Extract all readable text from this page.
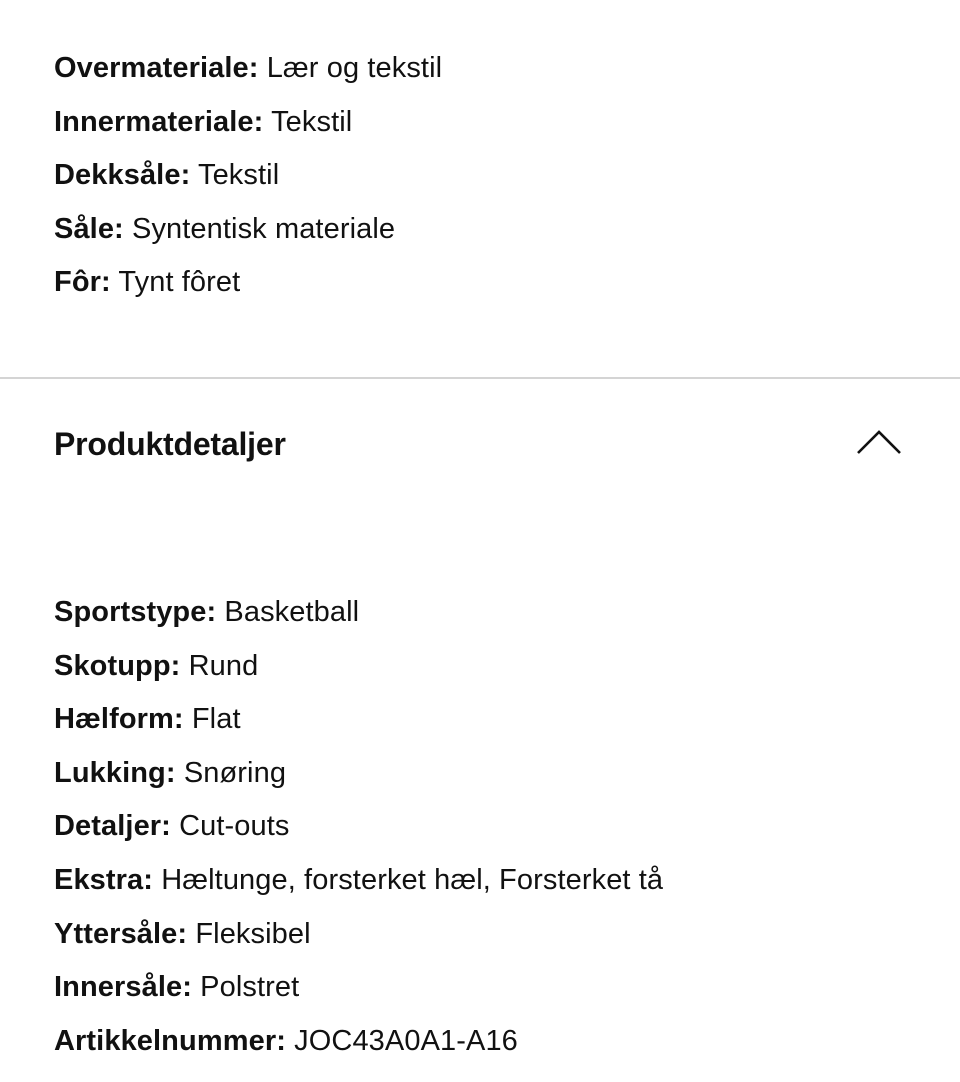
Overmateriale: Lær og tekstil
Innermateriale: Tekstil
Dekksåle: Tekstil
Såle: Syntentisk materiale
Fôr: Tynt fôret
Produktdetaljer
Sportstype: Basketball
Skotupp: Rund
Hælform: Flat
Lukking: Snøring
Detaljer: Cut-outs
Ekstra: Hæltunge, forsterket hæl, Forsterket tå
Yttersåle: Fleksibel
Innersåle: Polstret
Artikkelnummer: JOC43A0A1-A16
